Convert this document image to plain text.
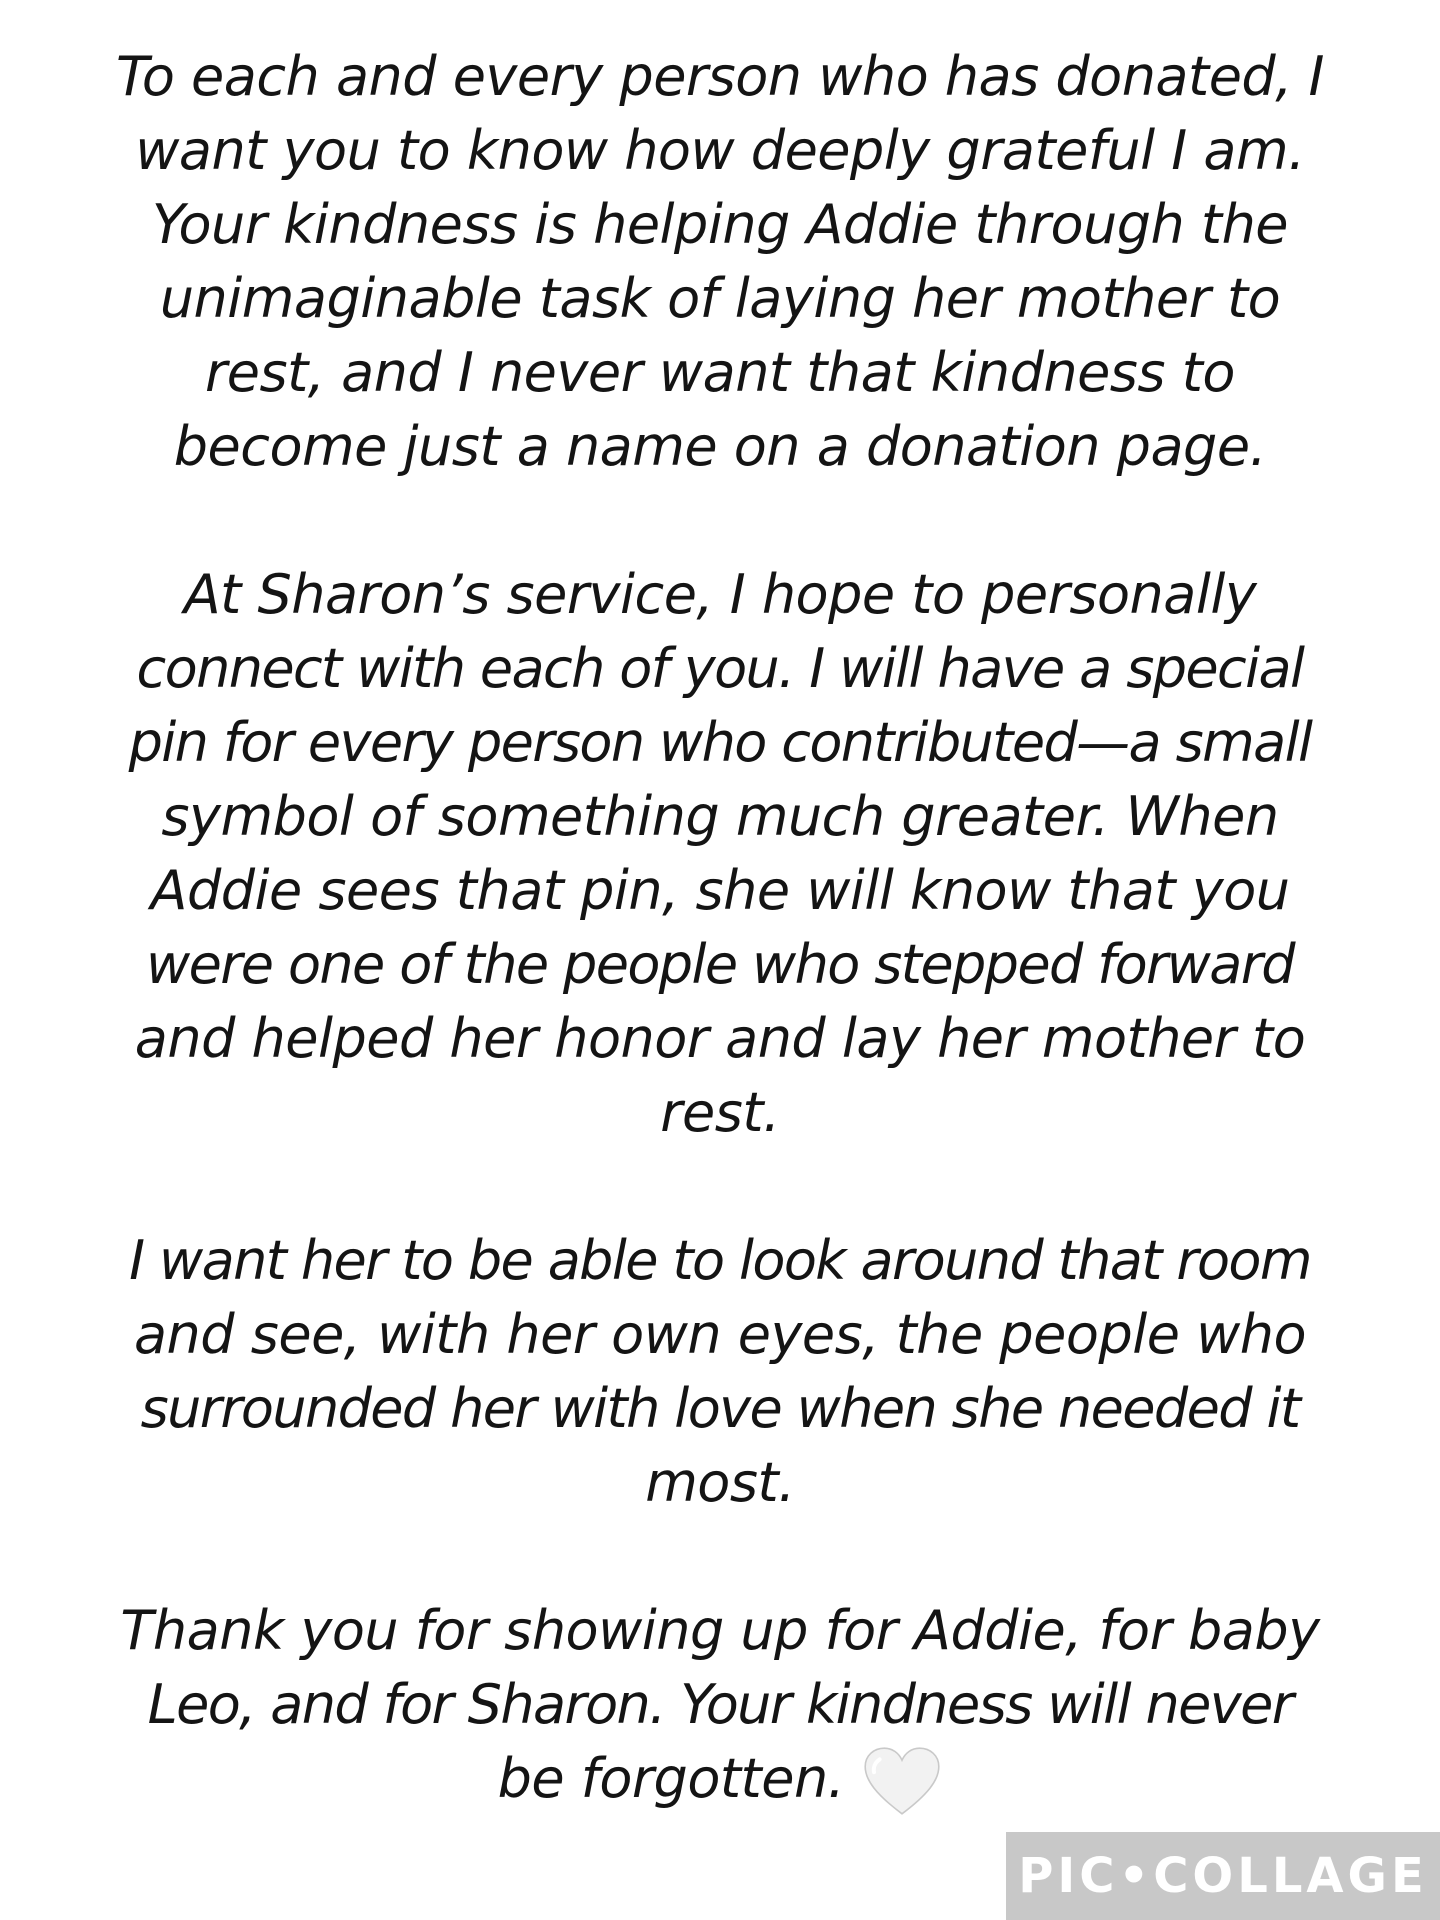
To each and every person who has donated, I
want you to know how deeply grateful I am.
Your kindness is helping Addie through the
unimaginable task of laying her mother to
rest, and I never want that kindness to
become just a name on a donation page.
At Sharon’s service, I hope to personally
connect with each of you. I will have a special
pin for every person who contributed—a small
symbol of something much greater. When
Addie sees that pin, she will know that you
were one of the people who stepped forward
and helped her honor and lay her mother to
rest.
I want her to be able to look around that room
and see, with her own eyes, the people who
surrounded her with love when she needed it
most.
Thank you for showing up for Addie, for baby
Leo, and for Sharon. Your kindness will never
be forgotten.
PIC•COLLAGE
